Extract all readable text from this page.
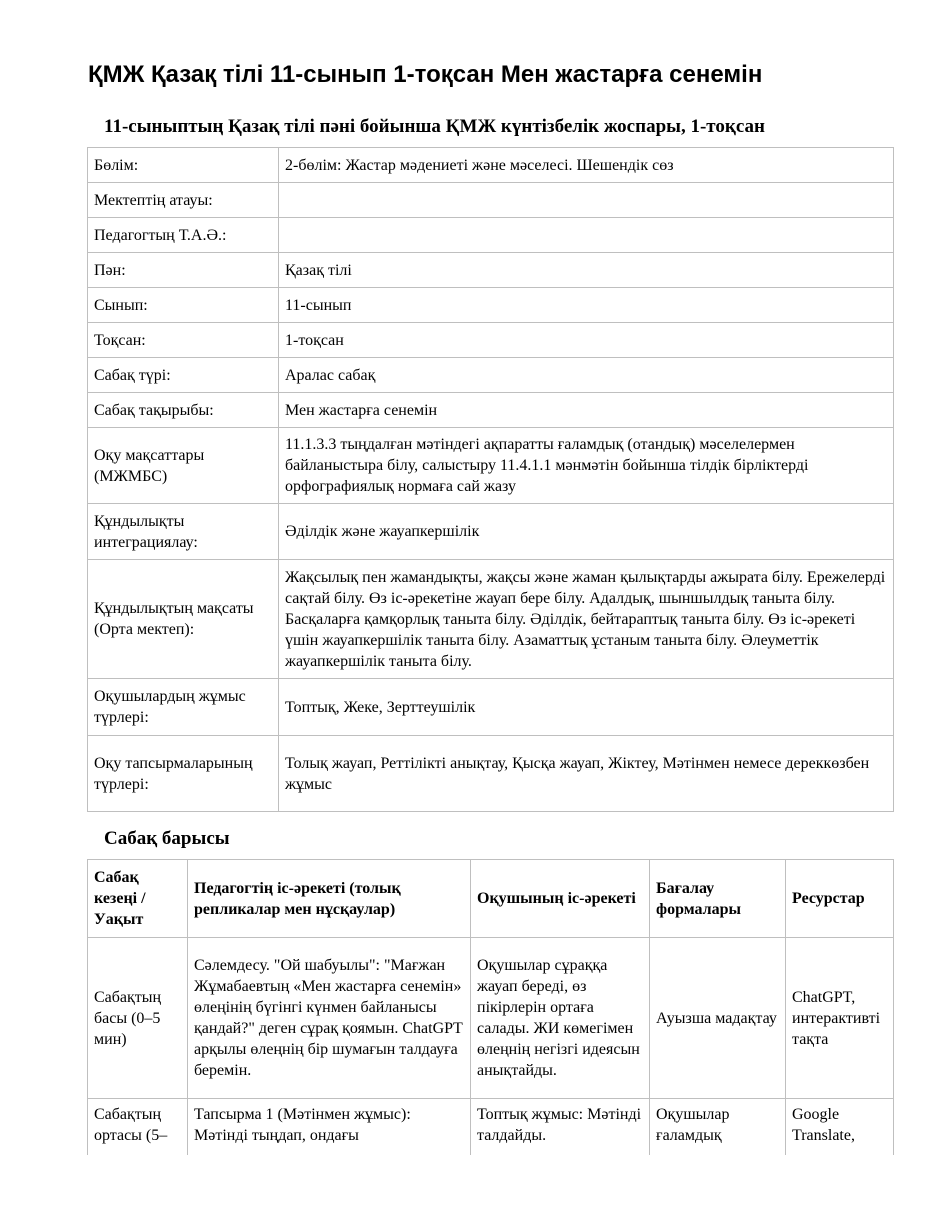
ҚМЖ Қазақ тілі 11-сынып 1-тоқсан Мен жастарға сенемін
11-сыныптың Қазақ тілі пәні бойынша ҚМЖ күнтізбелік жоспары, 1-тоқсан
Бөлім:	2-бөлім: Жастар мәдениеті және мәселесі. Шешендік сөз
Мектептің атауы:	
Педагогтың Т.А.Ә.:	
Пән:	Қазақ тілі
Сынып:	11-сынып
Тоқсан:	1-тоқсан
Сабақ түрі:	Аралас сабақ
Сабақ тақырыбы:	Мен жастарға сенемін
Оқу мақсаттары (МЖМБС)	11.1.3.3 тыңдалған мәтіндегі ақпаратты ғаламдық (отандық) мәселелермен байланыстыра білу, салыстыру 11.4.1.1 мәнмәтін бойынша тілдік бірліктерді орфографиялық нормаға сай жазу
Құндылықты интеграциялау:	Әділдік және жауапкершілік
Құндылықтың мақсаты (Орта мектеп):	Жақсылық пен жамандықты, жақсы және жаман қылықтарды ажырата білу. Ережелерді сақтай білу. Өз іс-әрекетіне жауап бере білу. Адалдық, шыншылдық таныта білу. Басқаларға қамқорлық таныта білу. Әділдік, бейтараптық таныта білу. Өз іс-әрекеті үшін жауапкершілік таныта білу. Азаматтық ұстаным таныта білу. Әлеуметтік жауапкершілік таныта білу.
Оқушылардың жұмыс түрлері:	Топтық, Жеке, Зерттеушілік
Оқу тапсырмаларының түрлері:	Толық жауап, Реттілікті анықтау, Қысқа жауап, Жіктеу, Мәтінмен немесе дереккөзбен жұмыс
Сабақ барысы
Сабақ кезеңі / Уақыт	Педагогтің іс-әрекеті (толық репликалар мен нұсқаулар)	Оқушының іс-әрекеті	Бағалау формалары	Ресурстар
Сабақтың басы (0–5 мин)	Сәлемдесу. "Ой шабуылы": "Мағжан Жұмабаевтың «Мен жастарға сенемін» өлеңінің бүгінгі күнмен байланысы қандай?" деген сұрақ қоямын. ChatGPT арқылы өлеңнің бір шумағын талдауға беремін.	Оқушылар сұраққа жауап береді, өз пікірлерін ортаға салады. ЖИ көмегімен өлеңнің негізгі идеясын анықтайды.	Ауызша мадақтау	ChatGPT, интерактивті тақта
Сабақтың ортасы (5–	Тапсырма 1 (Мәтінмен жұмыс): Мәтінді тыңдап, ондағы	Топтық жұмыс: Мәтінді талдайды.	Оқушылар ғаламдық	Google Translate,
